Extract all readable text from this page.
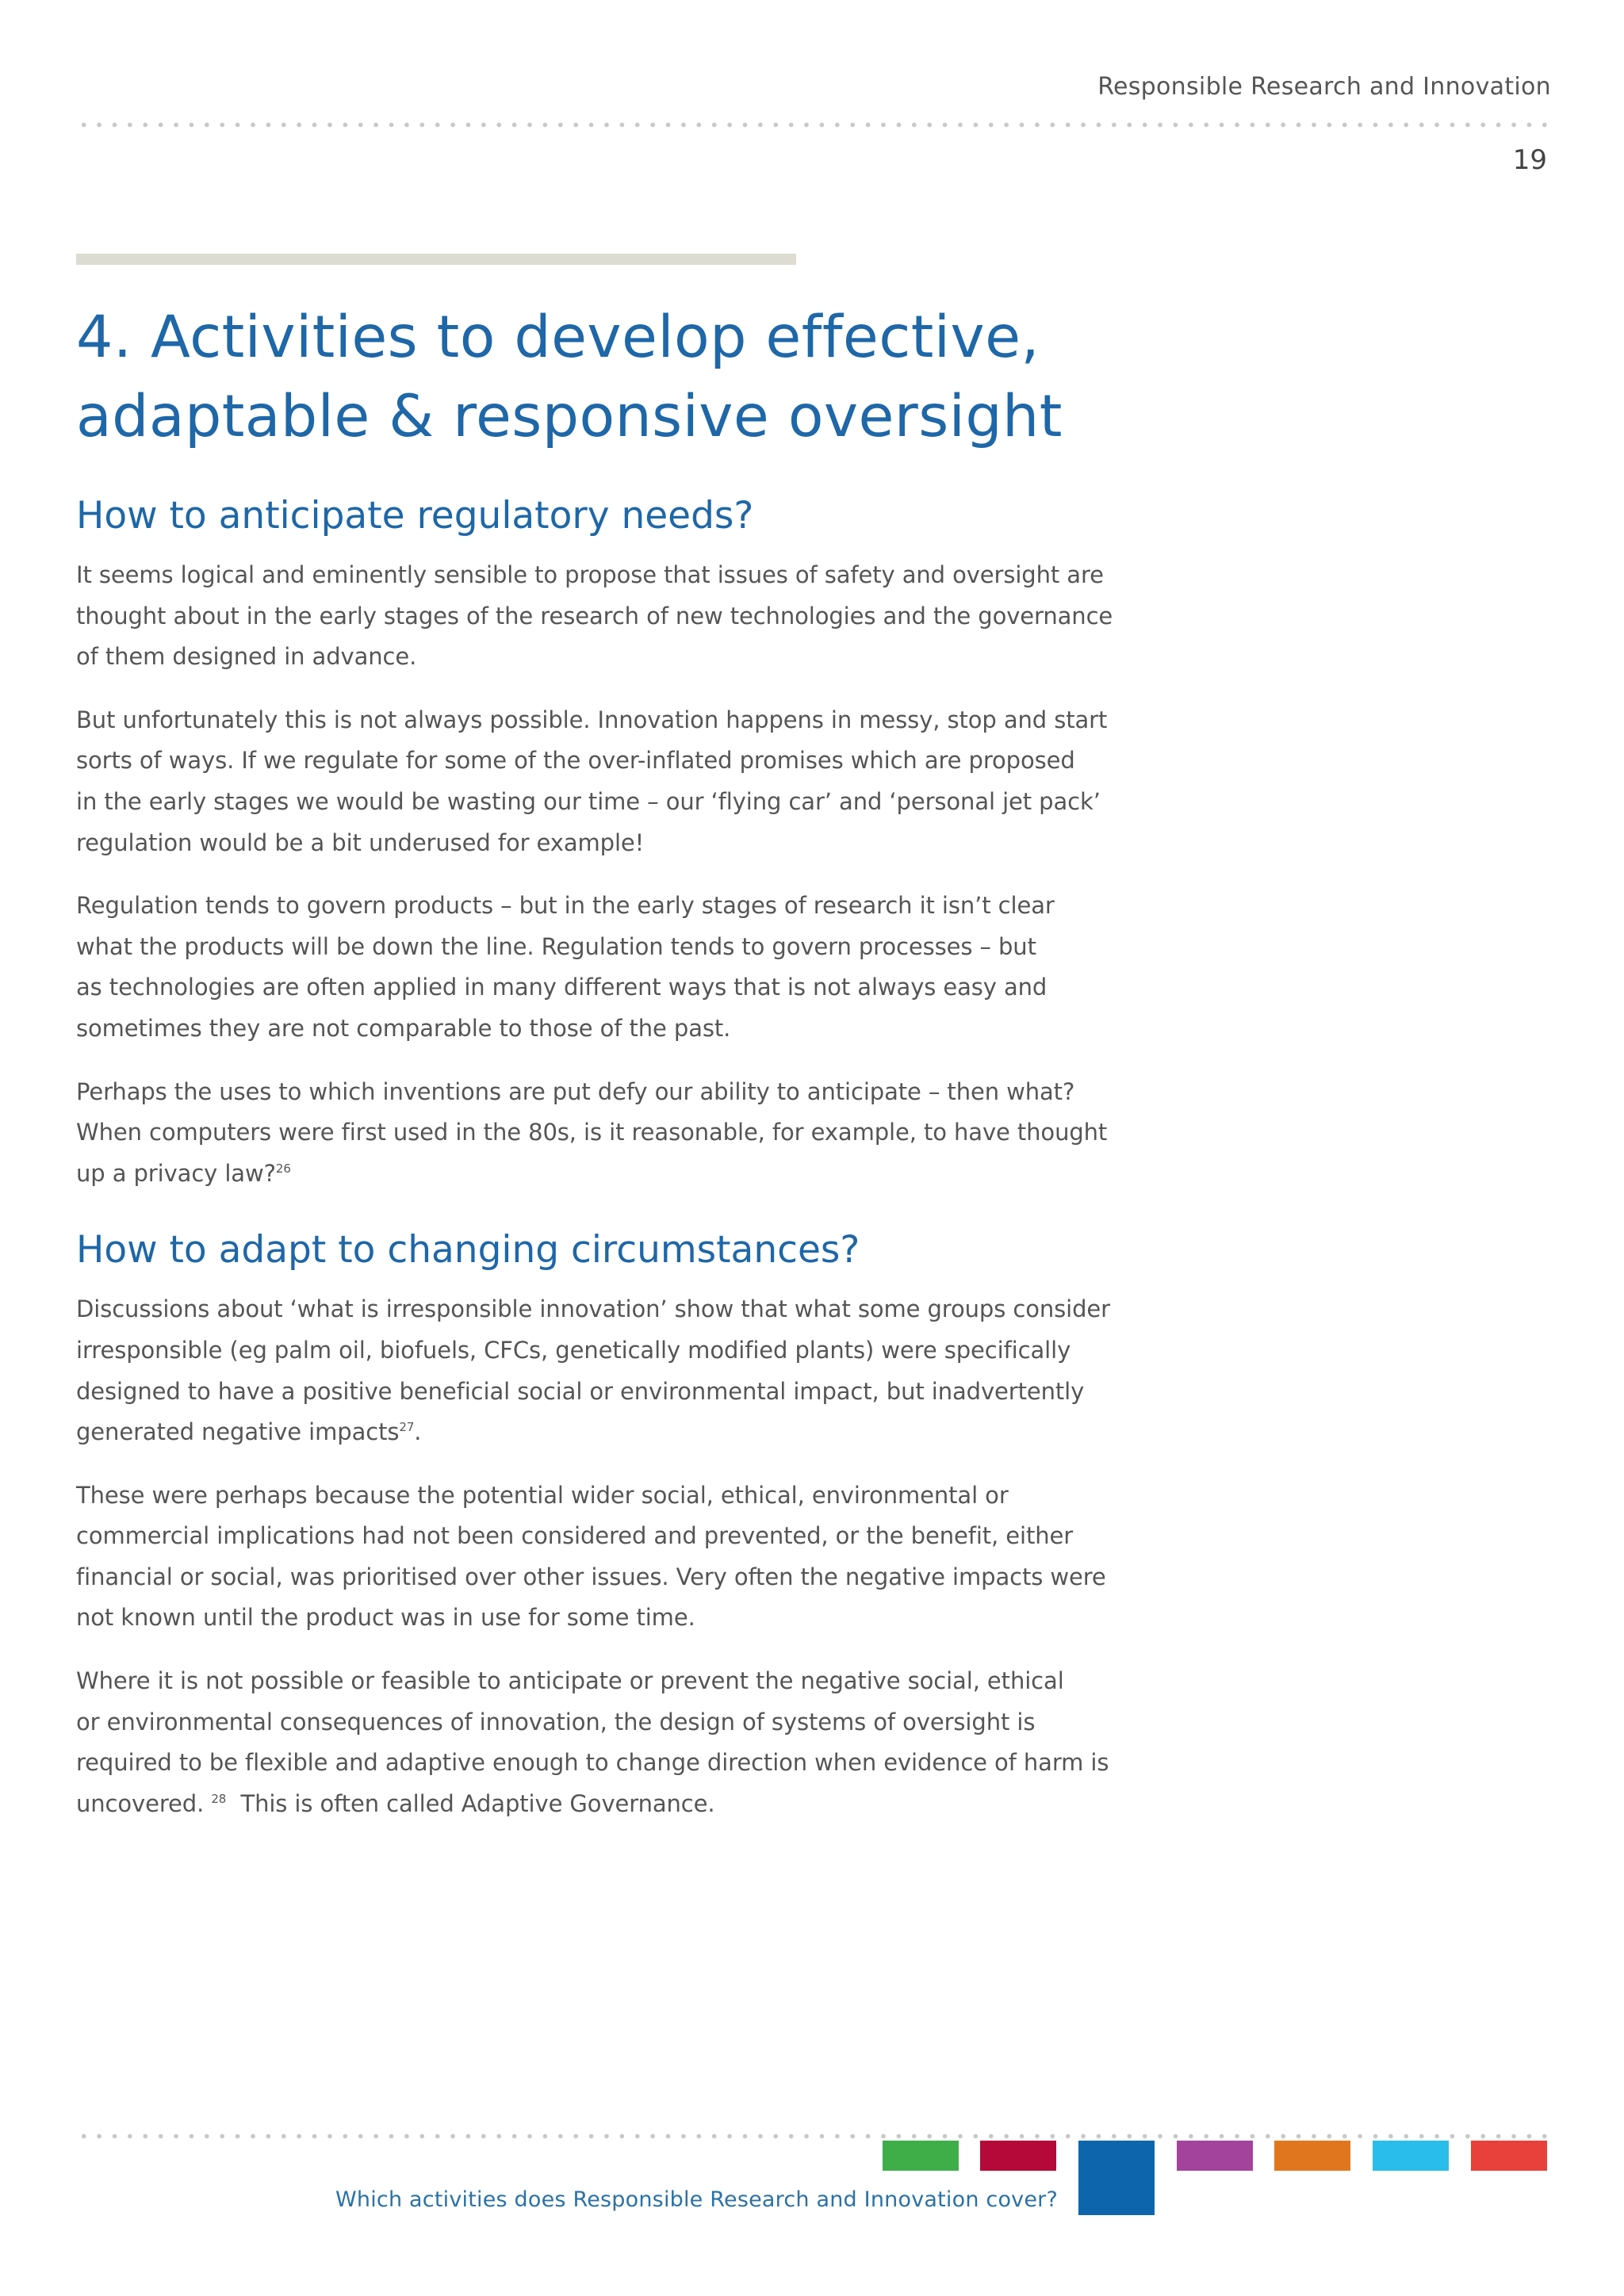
Responsible Research and Innovation
19
4. Activities to develop effective,
adaptable & responsive oversight
How to anticipate regulatory needs?

It seems logical and eminently sensible to propose that issues of safety and oversight are
thought about in the early stages of the research of new technologies and the governance
of them designed in advance.

But unfortunately this is not always possible. Innovation happens in messy, stop and start
sorts of ways. If we regulate for some of the over-inflated promises which are proposed
in the early stages we would be wasting our time – our ‘flying car’ and ‘personal jet pack’
regulation would be a bit underused for example!

Regulation tends to govern products – but in the early stages of research it isn’t clear
what the products will be down the line. Regulation tends to govern processes – but
as technologies are often applied in many different ways that is not always easy and
sometimes they are not comparable to those of the past.

Perhaps the uses to which inventions are put defy our ability to anticipate – then what?
When computers were first used in the 80s, is it reasonable, for example, to have thought
up a privacy law?$^{26}$

How to adapt to changing circumstances?

Discussions about ‘what is irresponsible innovation’ show that what some groups consider
irresponsible (eg palm oil, biofuels, CFCs, genetically modified plants) were specifically
designed to have a positive beneficial social or environmental impact, but inadvertently
generated negative impacts$^{27}$.

These were perhaps because the potential wider social, ethical, environmental or
commercial implications had not been considered and prevented, or the benefit, either
financial or social, was prioritised over other issues. Very often the negative impacts were
not known until the product was in use for some time.

Where it is not possible or feasible to anticipate or prevent the negative social, ethical
or environmental consequences of innovation, the design of systems of oversight is
required to be flexible and adaptive enough to change direction when evidence of harm is
uncovered. $^{28}$  This is often called Adaptive Governance.

Which activities does Responsible Research and Innovation cover?
